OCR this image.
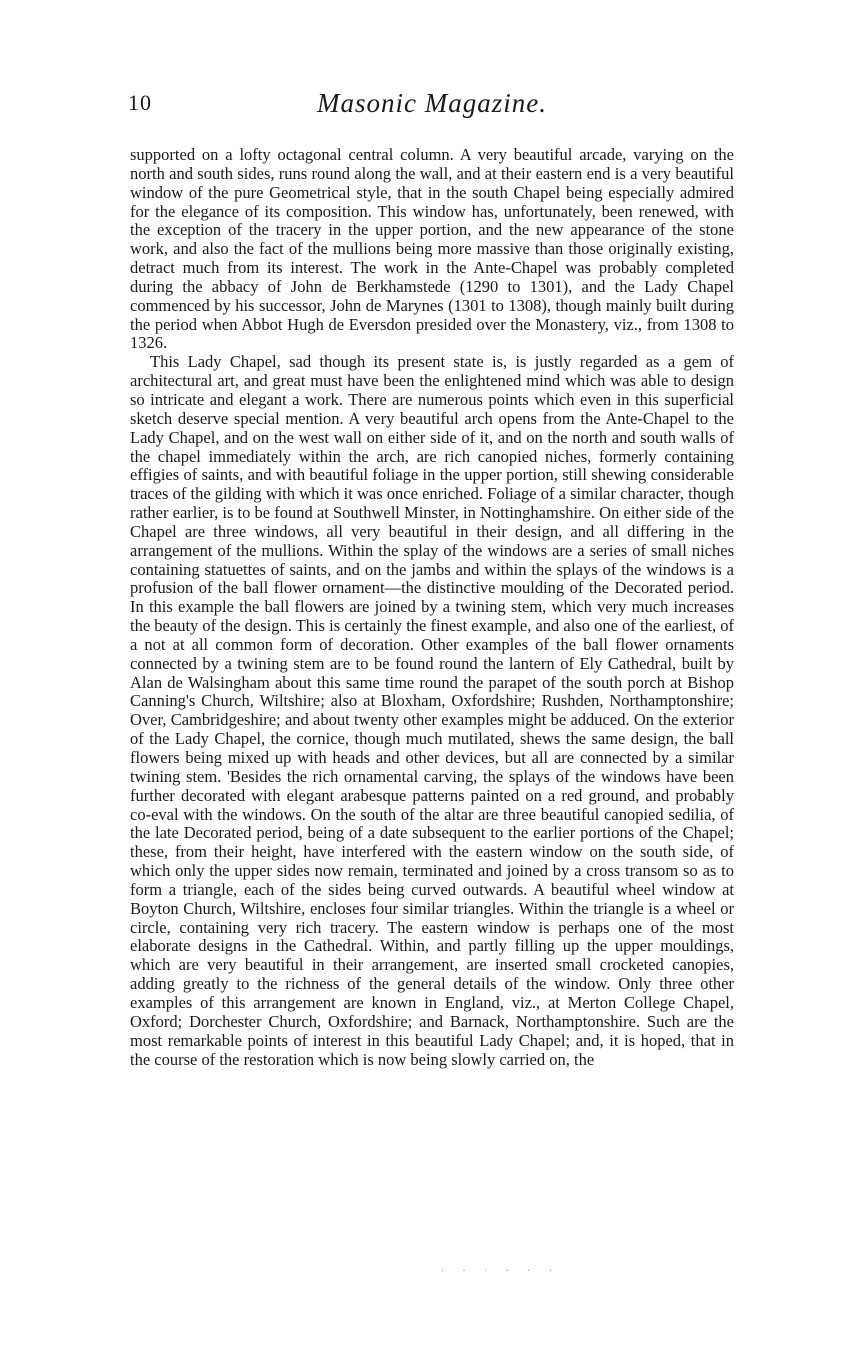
10	Masonic Magazine.

supported on a lofty octagonal central column. A very beautiful arcade, varying on the north and south sides, runs round along the wall, and at their eastern end is a very beautiful window of the pure Geometrical style, that in the south Chapel being especially admired for the elegance of its composition. This window has, unfortunately, been renewed, with the exception of the tracery in the upper portion, and the new appearance of the stone work, and also the fact of the mullions being more massive than those originally existing, detract much from its interest. The work in the Ante-Chapel was probably completed during the abbacy of John de Berkhamstede (1290 to 1301), and the Lady Chapel commenced by his successor, John de Marynes (1301 to 1308), though mainly built during the period when Abbot Hugh de Eversdon presided over the Monastery, viz., from 1308 to 1326.

This Lady Chapel, sad though its present state is, is justly regarded as a gem of architectural art, and great must have been the enlightened mind which was able to design so intricate and elegant a work. There are numerous points which even in this superficial sketch deserve special mention. A very beautiful arch opens from the Ante-Chapel to the Lady Chapel, and on the west wall on either side of it, and on the north and south walls of the chapel immediately within the arch, are rich canopied niches, formerly containing effigies of saints, and with beautiful foliage in the upper portion, still shewing considerable traces of the gilding with which it was once enriched. Foliage of a similar character, though rather earlier, is to be found at Southwell Minster, in Nottinghamshire. On either side of the Chapel are three windows, all very beautiful in their design, and all differing in the arrangement of the mullions. Within the splay of the windows are a series of small niches containing statuettes of saints, and on the jambs and within the splays of the windows is a profusion of the ball flower ornament—the distinctive moulding of the Decorated period. In this example the ball flowers are joined by a twining stem, which very much increases the beauty of the design. This is certainly the finest example, and also one of the earliest, of a not at all common form of decoration. Other examples of the ball flower ornaments connected by a twining stem are to be found round the lantern of Ely Cathedral, built by Alan de Walsingham about this same time round the parapet of the south porch at Bishop Canning's Church, Wiltshire; also at Bloxham, Oxfordshire; Rushden, Northamptonshire; Over, Cambridgeshire; and about twenty other examples might be adduced. On the exterior of the Lady Chapel, the cornice, though much mutilated, shews the same design, the ball flowers being mixed up with heads and other devices, but all are connected by a similar twining stem. 'Besides the rich ornamental carving, the splays of the windows have been further decorated with elegant arabesque patterns painted on a red ground, and probably co-eval with the windows. On the south of the altar are three beautiful canopied sedilia, of the late Decorated period, being of a date subsequent to the earlier portions of the Chapel; these, from their height, have interfered with the eastern window on the south side, of which only the upper sides now remain, terminated and joined by a cross transom so as to form a triangle, each of the sides being curved outwards. A beautiful wheel window at Boyton Church, Wiltshire, encloses four similar triangles. Within the triangle is a wheel or circle, containing very rich tracery. The eastern window is perhaps one of the most elaborate designs in the Cathedral. Within, and partly filling up the upper mouldings, which are very beautiful in their arrangement, are inserted small crocketed canopies, adding greatly to the richness of the general details of the window. Only three other examples of this arrangement are known in England, viz., at Merton College Chapel, Oxford; Dorchester Church, Oxfordshire; and Barnack, Northamptonshire. Such are the most remarkable points of interest in this beautiful Lady Chapel; and, it is hoped, that in the course of the restoration which is now being slowly carried on, the

· · · · · ·
